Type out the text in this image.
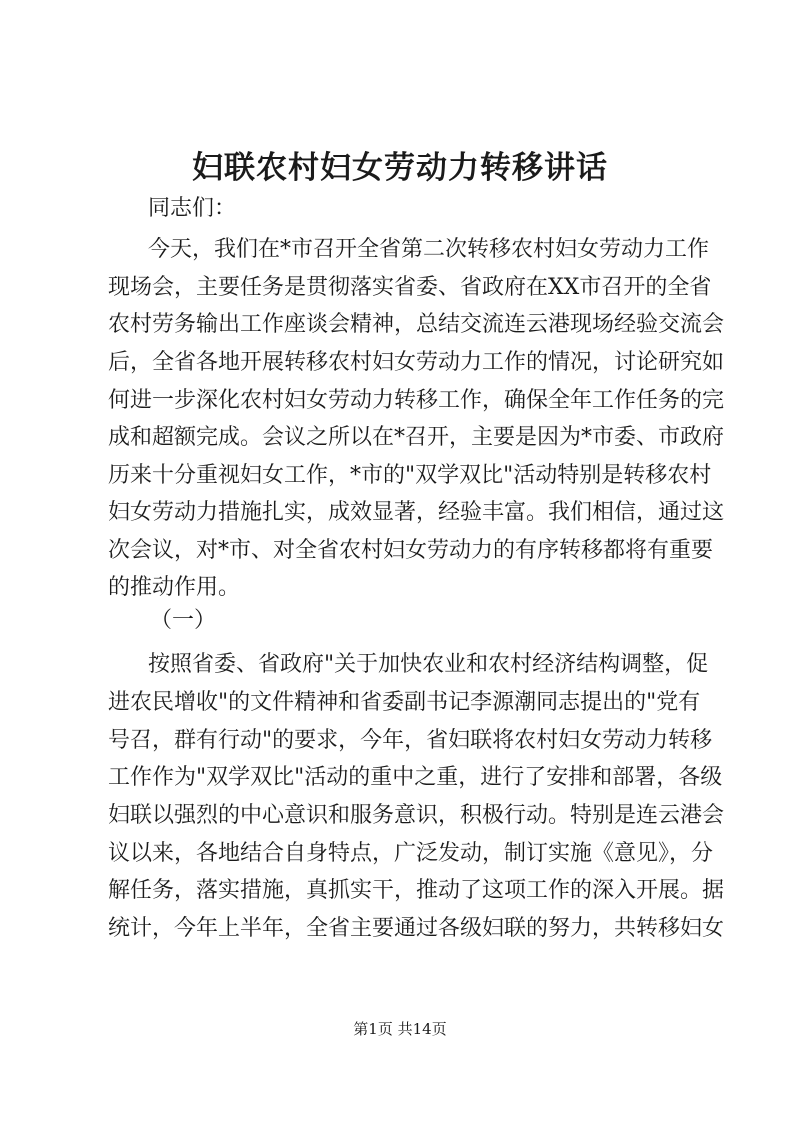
妇联农村妇女劳动力转移讲话
同志们：
今天，我们在*市召开全省第二次转移农村妇女劳动力工作
现场会，主要任务是贯彻落实省委、省政府在XX市召开的全省
农村劳务输出工作座谈会精神，总结交流连云港现场经验交流会
后，全省各地开展转移农村妇女劳动力工作的情况，讨论研究如
何进一步深化农村妇女劳动力转移工作，确保全年工作任务的完
成和超额完成。会议之所以在*召开，主要是因为*市委、市政府
历来十分重视妇女工作，*市的"双学双比"活动特别是转移农村
妇女劳动力措施扎实，成效显著，经验丰富。我们相信，通过这
次会议，对*市、对全省农村妇女劳动力的有序转移都将有重要
的推动作用。
（一）
按照省委、省政府"关于加快农业和农村经济结构调整，促
进农民增收"的文件精神和省委副书记李源潮同志提出的"党有
号召，群有行动"的要求，今年，省妇联将农村妇女劳动力转移
工作作为"双学双比"活动的重中之重，进行了安排和部署，各级
妇联以强烈的中心意识和服务意识，积极行动。特别是连云港会
议以来，各地结合自身特点，广泛发动，制订实施《意见》，分
解任务，落实措施，真抓实干，推动了这项工作的深入开展。据
统计，今年上半年，全省主要通过各级妇联的努力，共转移妇女
第1页 共14页
